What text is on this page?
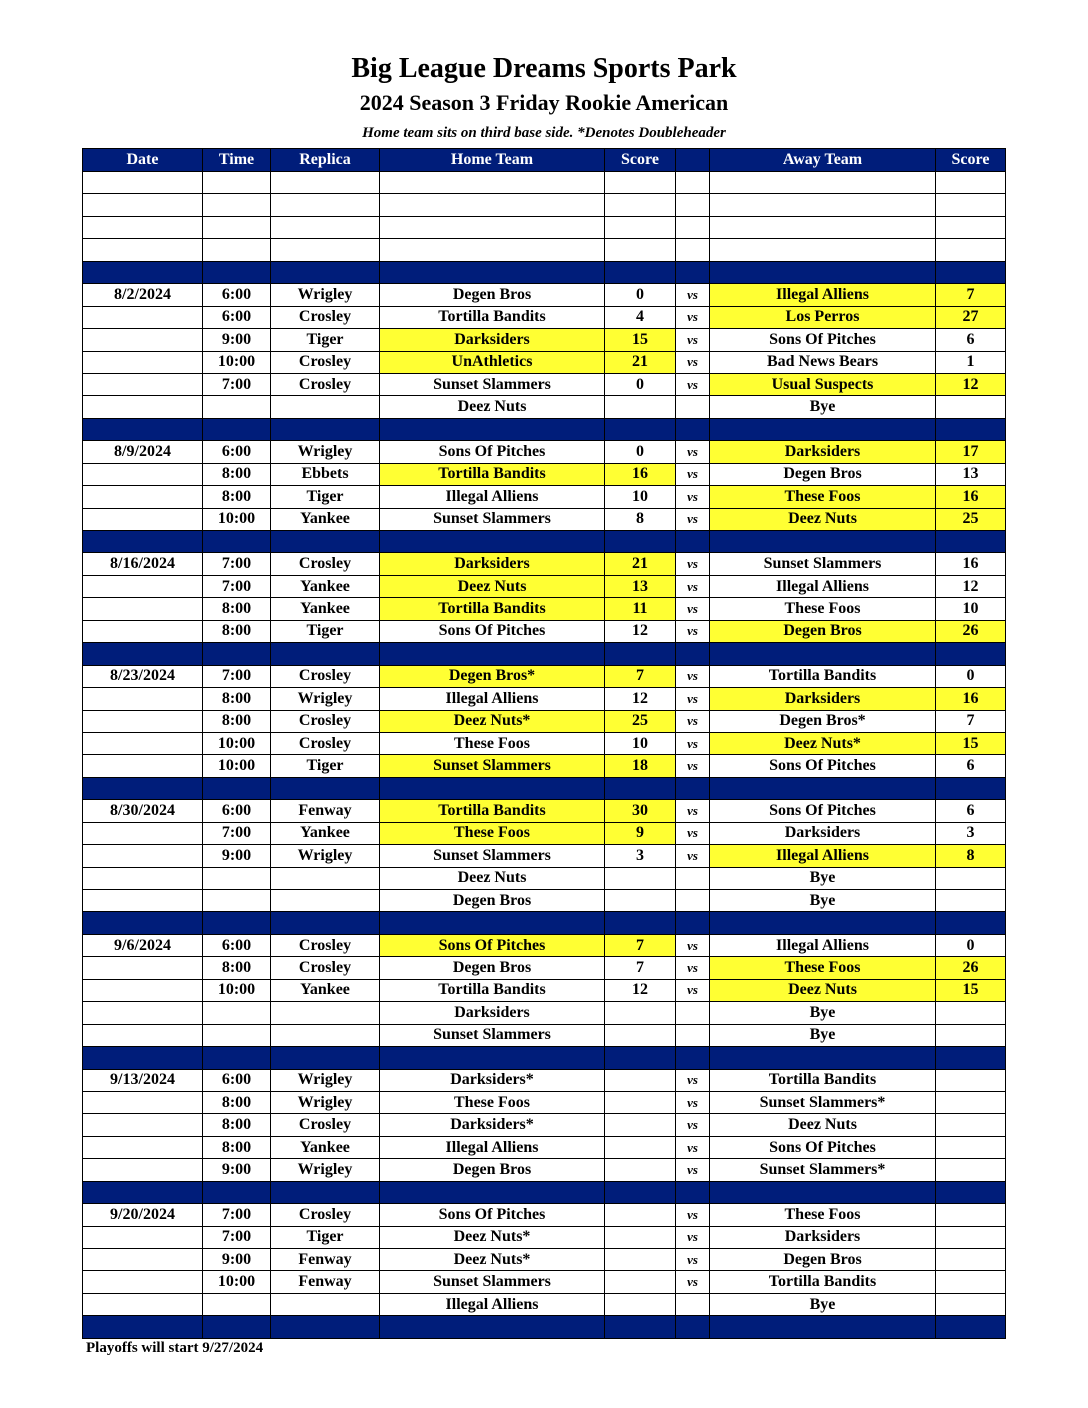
Big League Dreams Sports Park
2024 Season 3 Friday Rookie American
Home team sits on third base side. *Denotes Doubleheader
Date	Time	Replica	Home Team	Score		Away Team	Score

8/2/2024	6:00	Wrigley	Degen Bros	0	vs	Illegal Alliens	7
	6:00	Crosley	Tortilla Bandits	4	vs	Los Perros	27
	9:00	Tiger	Darksiders	15	vs	Sons Of Pitches	6
	10:00	Crosley	UnAthletics	21	vs	Bad News Bears	1
	7:00	Crosley	Sunset Slammers	0	vs	Usual Suspects	12
			Deez Nuts			Bye	

8/9/2024	6:00	Wrigley	Sons Of Pitches	0	vs	Darksiders	17
	8:00	Ebbets	Tortilla Bandits	16	vs	Degen Bros	13
	8:00	Tiger	Illegal Alliens	10	vs	These Foos	16
	10:00	Yankee	Sunset Slammers	8	vs	Deez Nuts	25

8/16/2024	7:00	Crosley	Darksiders	21	vs	Sunset Slammers	16
	7:00	Yankee	Deez Nuts	13	vs	Illegal Alliens	12
	8:00	Yankee	Tortilla Bandits	11	vs	These Foos	10
	8:00	Tiger	Sons Of Pitches	12	vs	Degen Bros	26

8/23/2024	7:00	Crosley	Degen Bros*	7	vs	Tortilla Bandits	0
	8:00	Wrigley	Illegal Alliens	12	vs	Darksiders	16
	8:00	Crosley	Deez Nuts*	25	vs	Degen Bros*	7
	10:00	Crosley	These Foos	10	vs	Deez Nuts*	15
	10:00	Tiger	Sunset Slammers	18	vs	Sons Of Pitches	6

8/30/2024	6:00	Fenway	Tortilla Bandits	30	vs	Sons Of Pitches	6
	7:00	Yankee	These Foos	9	vs	Darksiders	3
	9:00	Wrigley	Sunset Slammers	3	vs	Illegal Alliens	8
			Deez Nuts			Bye	
			Degen Bros			Bye	

9/6/2024	6:00	Crosley	Sons Of Pitches	7	vs	Illegal Alliens	0
	8:00	Crosley	Degen Bros	7	vs	These Foos	26
	10:00	Yankee	Tortilla Bandits	12	vs	Deez Nuts	15
			Darksiders			Bye	
			Sunset Slammers			Bye	

9/13/2024	6:00	Wrigley	Darksiders*		vs	Tortilla Bandits	
	8:00	Wrigley	These Foos		vs	Sunset Slammers*	
	8:00	Crosley	Darksiders*		vs	Deez Nuts	
	8:00	Yankee	Illegal Alliens		vs	Sons Of Pitches	
	9:00	Wrigley	Degen Bros		vs	Sunset Slammers*	

9/20/2024	7:00	Crosley	Sons Of Pitches		vs	These Foos	
	7:00	Tiger	Deez Nuts*		vs	Darksiders	
	9:00	Fenway	Deez Nuts*		vs	Degen Bros	
	10:00	Fenway	Sunset Slammers		vs	Tortilla Bandits	
			Illegal Alliens			Bye	

Playoffs will start 9/27/2024
